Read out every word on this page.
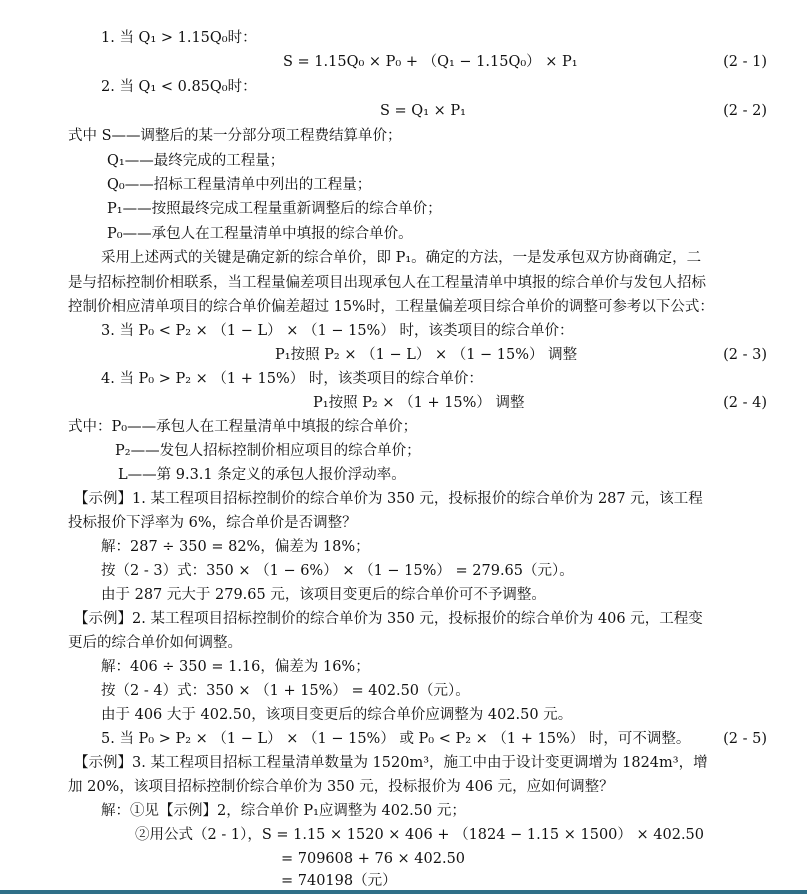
1. 当 Q₁ > 1.15Q₀时：
S = 1.15Q₀ × P₀ + （Q₁ − 1.15Q₀） × P₁	(2 - 1)
2. 当 Q₁ < 0.85Q₀时：
S = Q₁ × P₁	(2 - 2)
式中 S——调整后的某一分部分项工程费结算单价；
Q₁——最终完成的工程量；
Q₀——招标工程量清单中列出的工程量；
P₁——按照最终完成工程量重新调整后的综合单价；
P₀——承包人在工程量清单中填报的综合单价。
采用上述两式的关键是确定新的综合单价，即 P₁。确定的方法，一是发承包双方协商确定，二
是与招标控制价相联系，当工程量偏差项目出现承包人在工程量清单中填报的综合单价与发包人招标
控制价相应清单项目的综合单价偏差超过 15%时，工程量偏差项目综合单价的调整可参考以下公式：
3. 当 P₀ < P₂ × （1 − L） × （1 − 15%） 时，该类项目的综合单价：
P₁按照 P₂ × （1 − L） × （1 − 15%） 调整	(2 - 3)
4. 当 P₀ > P₂ × （1 + 15%） 时，该类项目的综合单价：
P₁按照 P₂ × （1 + 15%） 调整	(2 - 4)
式中：P₀——承包人在工程量清单中填报的综合单价；
P₂——发包人招标控制价相应项目的综合单价；
L——第 9.3.1 条定义的承包人报价浮动率。
【示例】1. 某工程项目招标控制价的综合单价为 350 元，投标报价的综合单价为 287 元，该工程
投标报价下浮率为 6%，综合单价是否调整？
解：287 ÷ 350 = 82%，偏差为 18%；
按（2 - 3）式：350 × （1 − 6%） × （1 − 15%） = 279.65（元）。
由于 287 元大于 279.65 元，该项目变更后的综合单价可不予调整。
【示例】2. 某工程项目招标控制价的综合单价为 350 元，投标报价的综合单价为 406 元，工程变
更后的综合单价如何调整。
解：406 ÷ 350 = 1.16，偏差为 16%；
按（2 - 4）式：350 × （1 + 15%） = 402.50（元）。
由于 406 大于 402.50，该项目变更后的综合单价应调整为 402.50 元。
5. 当 P₀ > P₂ × （1 − L） × （1 − 15%） 或 P₀ < P₂ × （1 + 15%） 时，可不调整。 (2 - 5)
【示例】3. 某工程项目招标工程量清单数量为 1520m³，施工中由于设计变更调增为 1824m³，增
加 20%，该项目招标控制价综合单价为 350 元，投标报价为 406 元，应如何调整？
解：①见【示例】2，综合单价 P₁应调整为 402.50 元；
②用公式（2 - 1），S = 1.15 × 1520 × 406 + （1824 − 1.15 × 1500） × 402.50
= 709608 + 76 × 402.50
= 740198（元）
